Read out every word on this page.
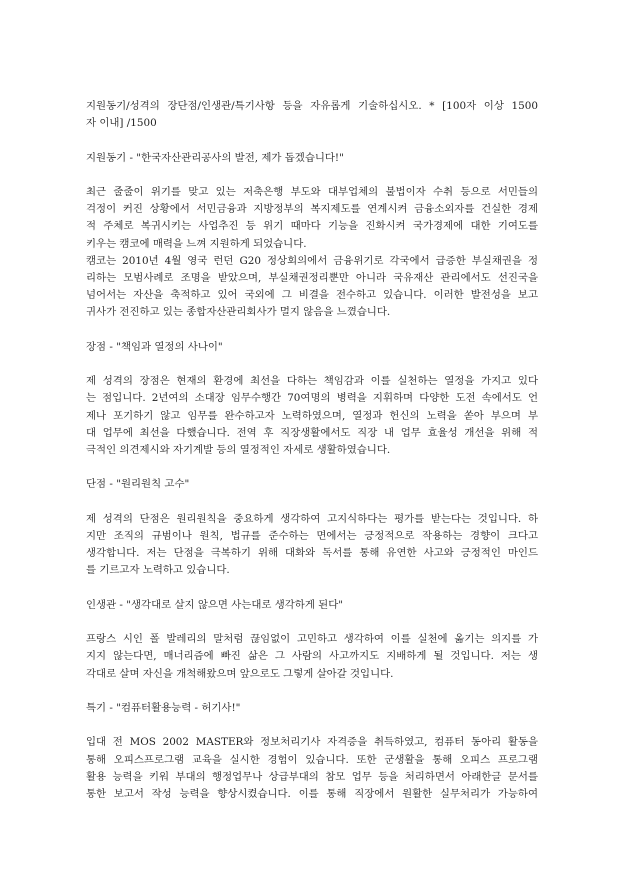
지원동기/성격의 장단점/인생관/특기사항 등을 자유롭게 기술하십시오. * [100자 이상 1500
자 이내] /1500
지원동기 - "한국자산관리공사의 발전, 제가 돕겠습니다!"
최근 줄줄이 위기를 맞고 있는 저축은행 부도와 대부업체의 불법이자 수취 등으로 서민들의
걱정이 커진 상황에서 서민금융과 지방정부의 복지제도를 연계시켜 금융소외자를 건실한 경제
적 주체로 복귀시키는 사업추진 등 위기 때마다 기능을 진화시켜 국가경제에 대한 기여도를
키우는 캠코에 매력을 느껴 지원하게 되었습니다.
캠코는 2010년 4월 영국 런던 G20 정상회의에서 금융위기로 각국에서 급증한 부실채권을 정
리하는 모범사례로 조명을 받았으며, 부실채권정리뿐만 아니라 국유재산 관리에서도 선진국을
넘어서는 자산을 축적하고 있어 국외에 그 비결을 전수하고 있습니다. 이러한 발전성을 보고
귀사가 전진하고 있는 종합자산관리회사가 멀지 않음을 느꼈습니다.
장점 - "책임과 열정의 사나이"
제 성격의 장점은 현재의 환경에 최선을 다하는 책임감과 이를 실천하는 열정을 가지고 있다
는 점입니다. 2년여의 소대장 임무수행간 70여명의 병력을 지휘하며 다양한 도전 속에서도 언
제나 포기하기 않고 임무를 완수하고자 노력하였으며, 열정과 헌신의 노력을 쏟아 부으며 부
대 업무에 최선을 다했습니다. 전역 후 직장생활에서도 직장 내 업무 효율성 개선을 위해 적
극적인 의견제시와 자기계발 등의 열정적인 자세로 생활하였습니다.
단점 - "원리원칙 고수"
제 성격의 단점은 원리원칙을 중요하게 생각하여 고지식하다는 평가를 받는다는 것입니다. 하
지만 조직의 규범이나 원칙, 법규를 준수하는 면에서는 긍정적으로 작용하는 경향이 크다고
생각합니다. 저는 단점을 극복하기 위해 대화와 독서를 통해 유연한 사고와 긍정적인 마인드
를 기르고자 노력하고 있습니다.
인생관 - "생각대로 살지 않으면 사는대로 생각하게 된다"
프랑스 시인 폴 발레리의 말처럼 끊임없이 고민하고 생각하여 이를 실천에 옮기는 의지를 가
지지 않는다면, 매너리즘에 빠진 삶은 그 사람의 사고까지도 지배하게 될 것입니다. 저는 생
각대로 살며 자신을 개척해왔으며 앞으로도 그렇게 살아갈 것입니다.
특기 - "컴퓨터활용능력 - 허기사!"
입대 전 MOS 2002 MASTER와 정보처리기사 자격증을 취득하였고, 컴퓨터 동아리 활동을
통해 오피스프로그램 교육을 실시한 경험이 있습니다. 또한 군생활을 통해 오피스 프로그램
활용 능력을 키워 부대의 행정업무나 상급부대의 참모 업무 등을 처리하면서 아래한글 문서를
통한 보고서 작성 능력을 향상시켰습니다. 이를 통해 직장에서 원활한 실무처리가 가능하여
